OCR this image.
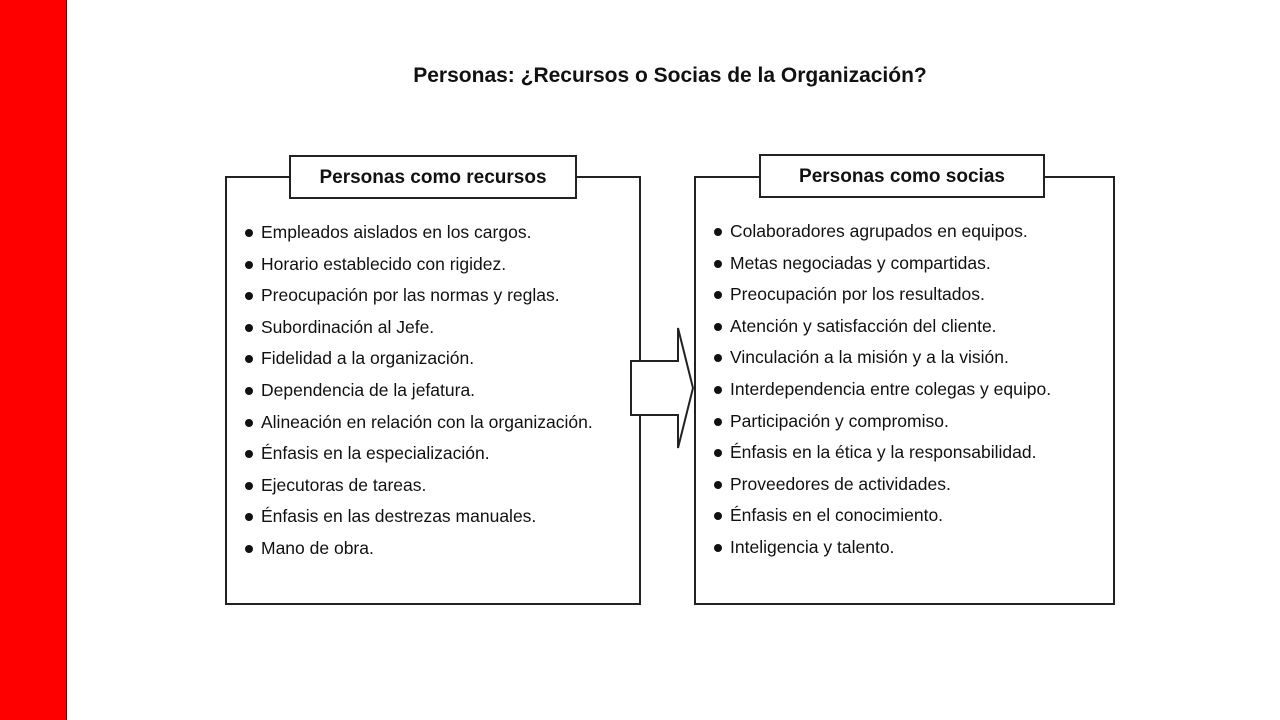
Personas: ¿Recursos o Socias de la Organización?
Personas como recursos
Empleados aislados en los cargos.
Horario establecido con rigidez.
Preocupación por las normas y reglas.
Subordinación al Jefe.
Fidelidad a la organización.
Dependencia de la jefatura.
Alineación en relación con la organización.
Énfasis en la especialización.
Ejecutoras de tareas.
Énfasis en las destrezas manuales.
Mano de obra.
Personas como socias
Colaboradores agrupados en equipos.
Metas negociadas y compartidas.
Preocupación por los resultados.
Atención y satisfacción del cliente.
Vinculación a la misión y a la visión.
Interdependencia entre colegas y equipo.
Participación y compromiso.
Énfasis en la ética y la responsabilidad.
Proveedores de actividades.
Énfasis en el conocimiento.
Inteligencia y talento.
